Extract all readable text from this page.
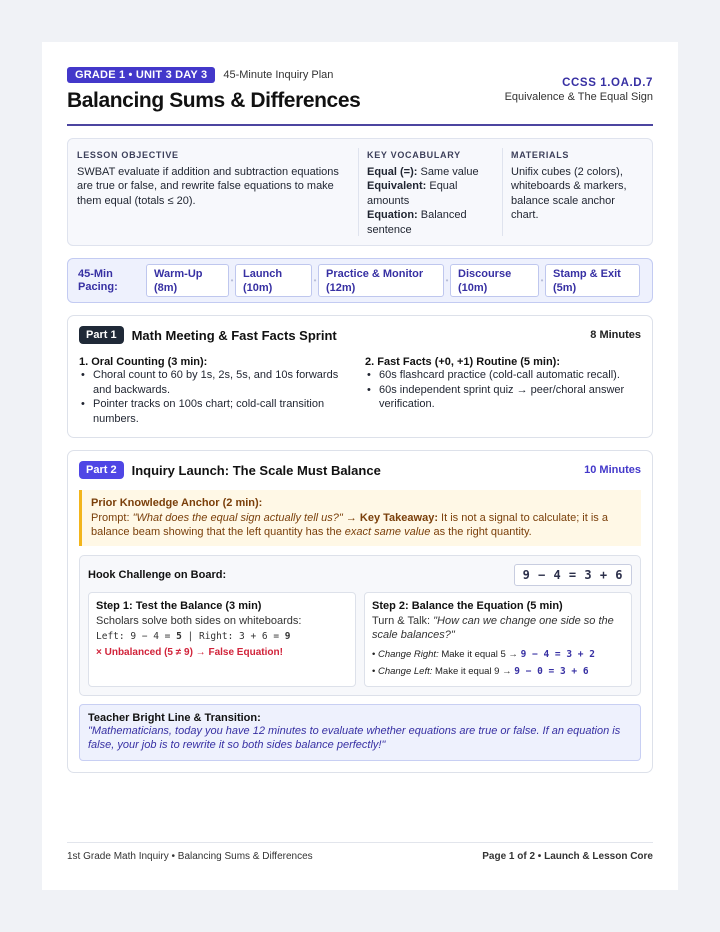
GRADE 1 • UNIT 3 DAY 3	45-Minute Inquiry Plan
Balancing Sums & Differences
CCSS 1.OA.D.7
Equivalence & The Equal Sign
LESSON OBJECTIVE
SWBAT evaluate if addition and subtraction equations are true or false, and rewrite false equations to make them equal (totals ≤ 20).
KEY VOCABULARY
Equal (=): Same value
Equivalent: Equal amounts
Equation: Balanced sentence
MATERIALS
Unifix cubes (2 colors), whiteboards & markers, balance scale anchor chart.
45-Min Pacing:
Warm-Up
(8m)
•
Launch
(10m)
•
Practice & Monitor
(12m)
•
Discourse
(10m)
•
Stamp & Exit
(5m)
Part 1	Math Meeting & Fast Facts Sprint	8 Minutes
1. Oral Counting (3 min):
• Choral count to 60 by 1s, 2s, 5s, and 10s forwards and backwards.
• Pointer tracks on 100s chart; cold-call transition numbers.
2. Fast Facts (+0, +1) Routine (5 min):
• 60s flashcard practice (cold-call automatic recall).
• 60s independent sprint quiz → peer/choral answer verification.
Part 2	Inquiry Launch: The Scale Must Balance	10 Minutes
Prior Knowledge Anchor (2 min):
Prompt: "What does the equal sign actually tell us?" → Key Takeaway: It is not a signal to calculate; it is a balance beam showing that the left quantity has the exact same value as the right quantity.
Hook Challenge on Board:	9 − 4 = 3 + 6
Step 1: Test the Balance (3 min)
Scholars solve both sides on whiteboards:
Left: 9 − 4 = 5 | Right: 3 + 6 = 9
× Unbalanced (5 ≠ 9) → False Equation!
Step 2: Balance the Equation (5 min)
Turn & Talk: "How can we change one side so the scale balances?"
• Change Right: Make it equal 5 → 9 − 4 = 3 + 2
• Change Left: Make it equal 9 → 9 − 0 = 3 + 6
Teacher Bright Line & Transition:
"Mathematicians, today you have 12 minutes to evaluate whether equations are true or false. If an equation is false, your job is to rewrite it so both sides balance perfectly!"
1st Grade Math Inquiry • Balancing Sums & Differences	Page 1 of 2 • Launch & Lesson Core
